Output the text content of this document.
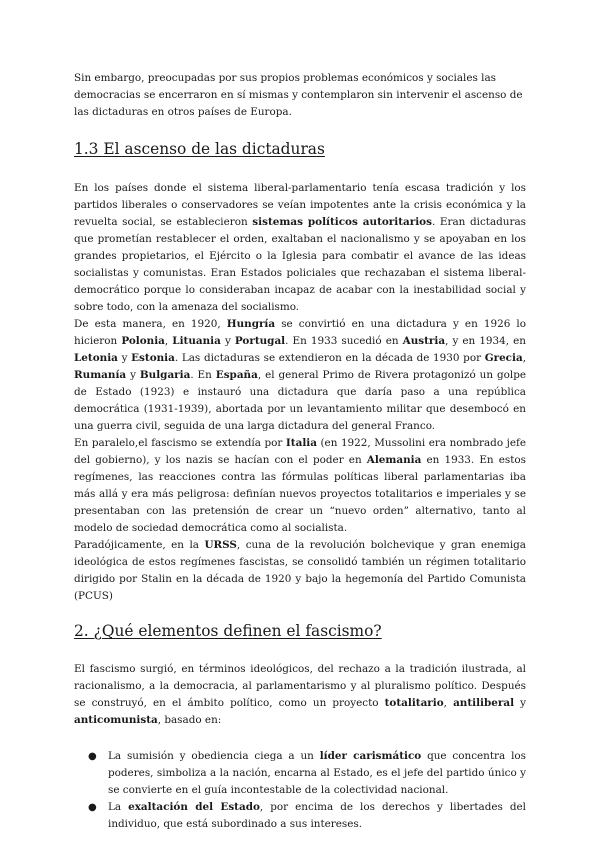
Sin embargo, preocupadas por sus propios problemas económicos y sociales las democracias se encerraron en sí mismas y contemplaron sin intervenir el ascenso de las dictaduras en otros países de Europa.

1.3 El ascenso de las dictaduras

En los países donde el sistema liberal-parlamentario tenía escasa tradición y los partidos liberales o conservadores se veían impotentes ante la crisis económica y la revuelta social, se establecieron sistemas políticos autoritarios. Eran dictaduras que prometían restablecer el orden, exaltaban el nacionalismo y se apoyaban en los grandes propietarios, el Ejército o la Iglesia para combatir el avance de las ideas socialistas y comunistas. Eran Estados policiales que rechazaban el sistema liberal-democrático porque lo consideraban incapaz de acabar con la inestabilidad social y sobre todo, con la amenaza del socialismo.

De esta manera, en 1920, Hungría se convirtió en una dictadura y en 1926 lo hicieron Polonia, Lituania y Portugal. En 1933 sucedió en Austria, y en 1934, en Letonia y Estonia. Las dictaduras se extendieron en la década de 1930 por Grecia, Rumanía y Bulgaria. En España, el general Primo de Rivera protagonizó un golpe de Estado (1923) e instauró una dictadura que daría paso a una república democrática (1931-1939), abortada por un levantamiento militar que desembocó en una guerra civil, seguida de una larga dictadura del general Franco.

En paralelo,el fascismo se extendía por Italia (en 1922, Mussolini era nombrado jefe del gobierno), y los nazis se hacían con el poder en Alemania en 1933. En estos regímenes, las reacciones contra las fórmulas políticas liberal parlamentarias iba más allá y era más peligrosa: definían nuevos proyectos totalitarios e imperiales y se presentaban con las pretensión de crear un “nuevo orden” alternativo, tanto al modelo de sociedad democrática como al socialista.

Paradójicamente, en la URSS, cuna de la revolución bolchevique y gran enemiga ideológica de estos regímenes fascistas, se consolidó también un régimen totalitario dirigido por Stalin en la década de 1920 y bajo la hegemonía del Partido Comunista (PCUS)

2. ¿Qué elementos definen el fascismo?

El fascismo surgió, en términos ideológicos, del rechazo a la tradición ilustrada, al racionalismo, a la democracia, al parlamentarismo y al pluralismo político. Después se construyó, en el ámbito político, como un proyecto totalitario, antiliberal y anticomunista, basado en:

● La sumisión y obediencia ciega a un líder carismático que concentra los poderes, simboliza a la nación, encarna al Estado, es el jefe del partido único y se convierte en el guía incontestable de la colectividad nacional.
● La exaltación del Estado, por encima de los derechos y libertades del individuo, que está subordinado a sus intereses.
